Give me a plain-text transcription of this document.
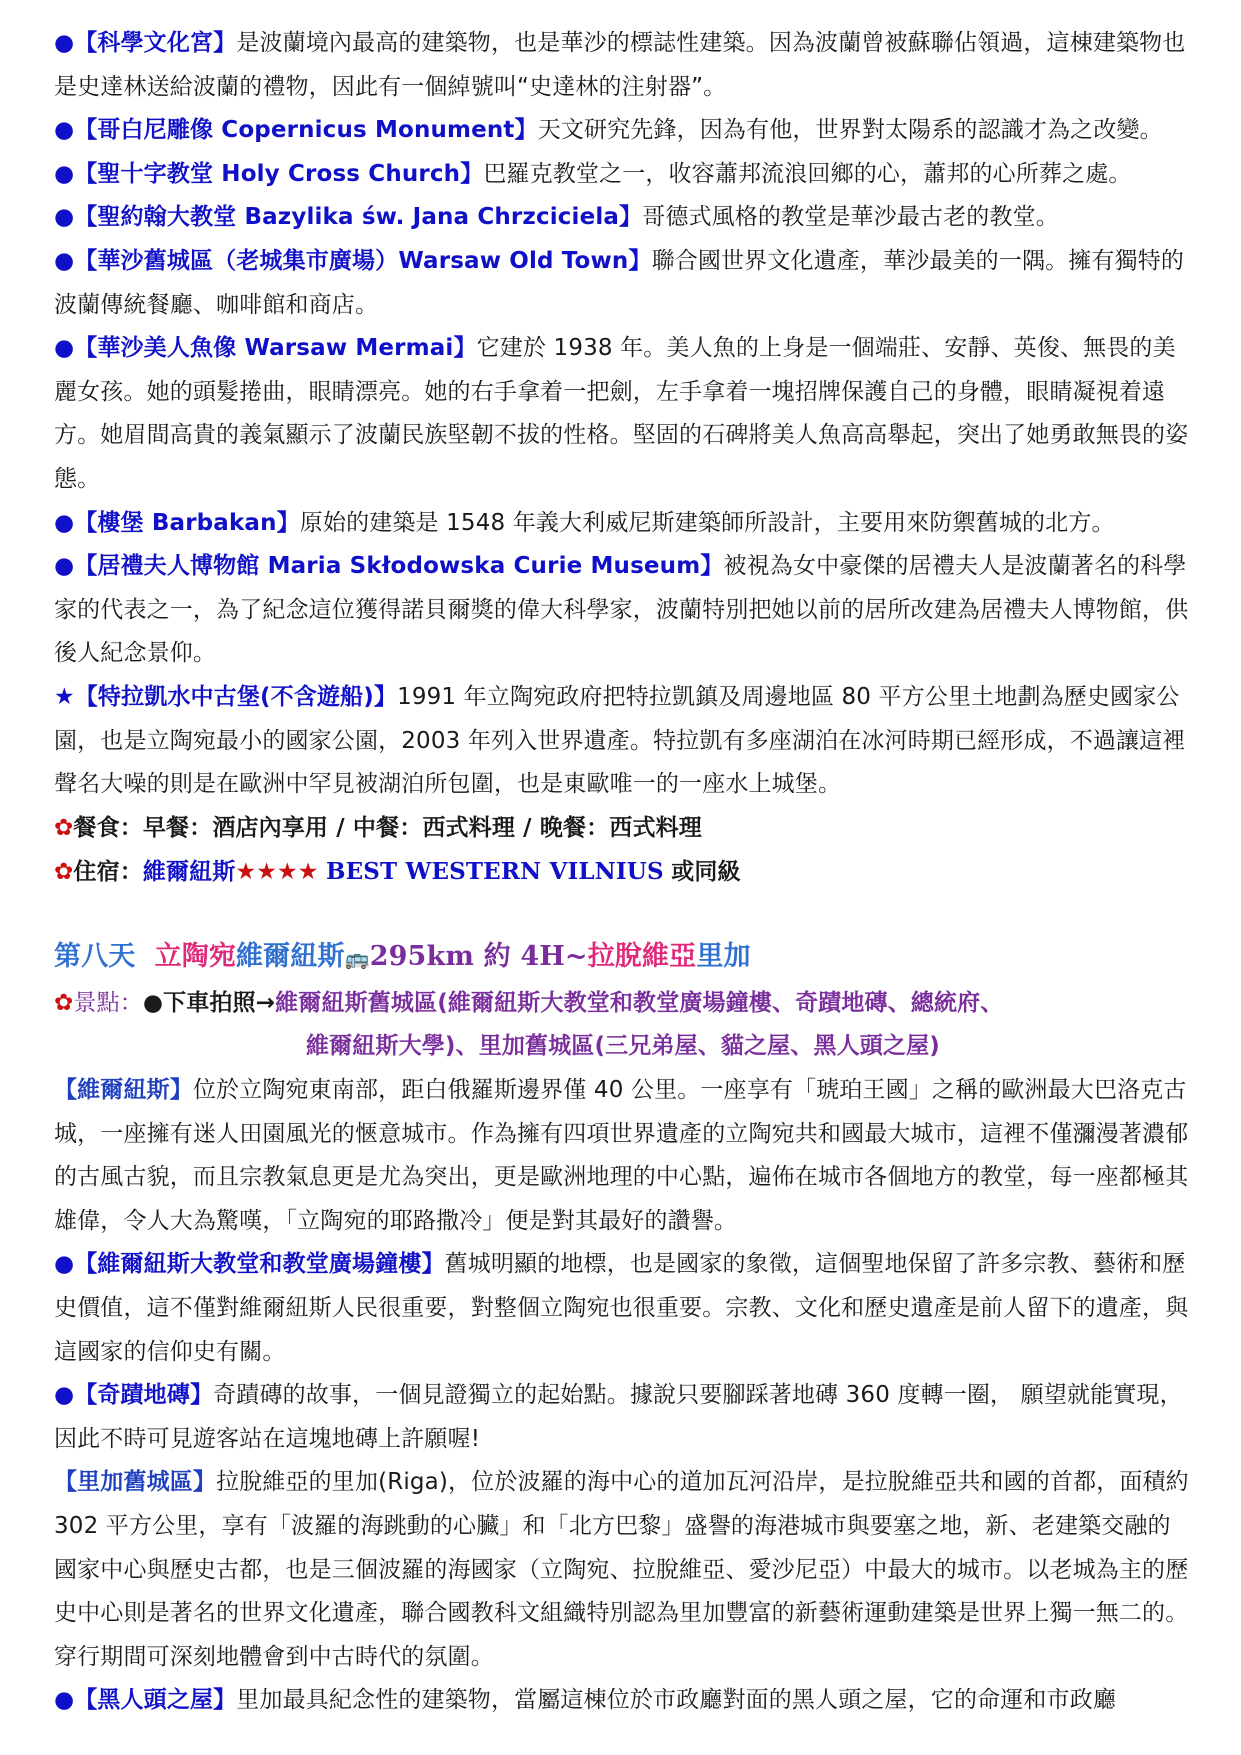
●【科學文化宮】是波蘭境內最高的建築物，也是華沙的標誌性建築。因為波蘭曾被蘇聯佔領過，這棟建築物也是史達林送給波蘭的禮物，因此有一個綽號叫“史達林的注射器”。

●【哥白尼雕像 Copernicus Monument】天文研究先鋒，因為有他，世界對太陽系的認識才為之改變。

●【聖十字教堂 Holy Cross Church】巴羅克教堂之一，收容蕭邦流浪回鄉的心，蕭邦的心所葬之處。

●【聖約翰大教堂 Bazylika św. Jana Chrzciciela】哥德式風格的教堂是華沙最古老的教堂。

●【華沙舊城區（老城集市廣場）Warsaw Old Town】聯合國世界文化遺產，華沙最美的一隅。擁有獨特的波蘭傳統餐廳、咖啡館和商店。

●【華沙美人魚像 Warsaw Mermai】它建於 1938 年。美人魚的上身是一個端莊、安靜、英俊、無畏的美麗女孩。她的頭髮捲曲，眼睛漂亮。她的右手拿着一把劍，左手拿着一塊招牌保護自己的身體，眼睛凝視着遠方。她眉間高貴的義氣顯示了波蘭民族堅韌不拔的性格。堅固的石碑將美人魚高高舉起，突出了她勇敢無畏的姿態。

●【樓堡 Barbakan】原始的建築是 1548 年義大利威尼斯建築師所設計，主要用來防禦舊城的北方。

●【居禮夫人博物館 Maria Skłodowska Curie Museum】被視為女中豪傑的居禮夫人是波蘭著名的科學家的代表之一，為了紀念這位獲得諾貝爾獎的偉大科學家，波蘭特別把她以前的居所改建為居禮夫人博物館，供後人紀念景仰。

★【特拉凱水中古堡(不含遊船)】1991 年立陶宛政府把特拉凱鎮及周邊地區 80 平方公里土地劃為歷史國家公園，也是立陶宛最小的國家公園，2003 年列入世界遺產。特拉凱有多座湖泊在冰河時期已經形成，不過讓這裡聲名大噪的則是在歐洲中罕見被湖泊所包圍，也是東歐唯一的一座水上城堡。

✿餐食：早餐：酒店內享用 / 中餐：西式料理 / 晚餐：西式料理

✿住宿：維爾紐斯★★★★ BEST WESTERN VILNIUS 或同級

第八天 立陶宛維爾紐斯🚌295km 約 4H~拉脫維亞里加

✿景點：●下車拍照→維爾紐斯舊城區(維爾紐斯大教堂和教堂廣場鐘樓、奇蹟地磚、總統府、

維爾紐斯大學)、里加舊城區(三兄弟屋、貓之屋、黑人頭之屋)

【維爾紐斯】位於立陶宛東南部，距白俄羅斯邊界僅 40 公里。一座享有「琥珀王國」之稱的歐洲最大巴洛克古城，一座擁有迷人田園風光的愜意城市。作為擁有四項世界遺產的立陶宛共和國最大城市，這裡不僅瀰漫著濃郁的古風古貌，而且宗教氣息更是尤為突出，更是歐洲地理的中心點，遍佈在城市各個地方的教堂，每一座都極其雄偉，令人大為驚嘆，「立陶宛的耶路撒冷」便是對其最好的讚譽。

●【維爾紐斯大教堂和教堂廣場鐘樓】舊城明顯的地標，也是國家的象徵，這個聖地保留了許多宗教、藝術和歷史價值，這不僅對維爾紐斯人民很重要，對整個立陶宛也很重要。宗教、文化和歷史遺產是前人留下的遺產，與這國家的信仰史有關。

●【奇蹟地磚】奇蹟磚的故事，一個見證獨立的起始點。據說只要腳踩著地磚 360 度轉一圈， 願望就能實現，因此不時可見遊客站在這塊地磚上許願喔!

【里加舊城區】拉脫維亞的里加(Riga)，位於波羅的海中心的道加瓦河沿岸，是拉脫維亞共和國的首都，面積約 302 平方公里，享有「波羅的海跳動的心臟」和「北方巴黎」盛譽的海港城市與要塞之地，新、老建築交融的國家中心與歷史古都，也是三個波羅的海國家（立陶宛、拉脫維亞、愛沙尼亞）中最大的城市。以老城為主的歷史中心則是著名的世界文化遺產，聯合國教科文組織特別認為里加豐富的新藝術運動建築是世界上獨一無二的。穿行期間可深刻地體會到中古時代的氛圍。

●【黑人頭之屋】里加最具紀念性的建築物，當屬這棟位於市政廳對面的黑人頭之屋，它的命運和市政廳
